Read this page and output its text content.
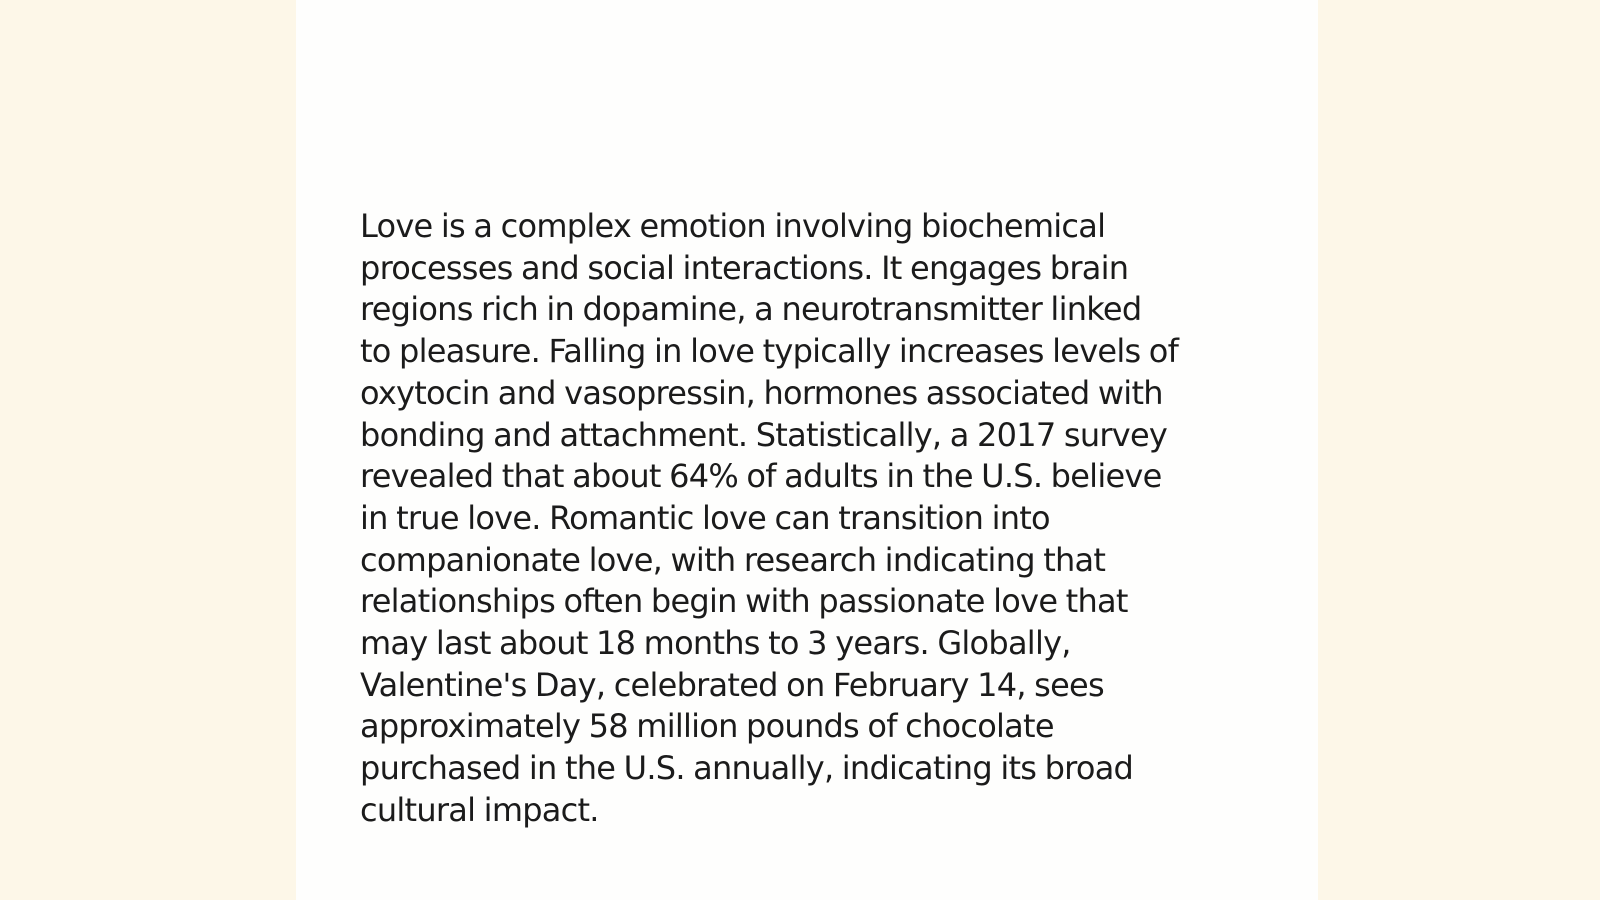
Love is a complex emotion involving biochemical
processes and social interactions. It engages brain
regions rich in dopamine, a neurotransmitter linked
to pleasure. Falling in love typically increases levels of
oxytocin and vasopressin, hormones associated with
bonding and attachment. Statistically, a 2017 survey
revealed that about 64% of adults in the U.S. believe
in true love. Romantic love can transition into
companionate love, with research indicating that
relationships often begin with passionate love that
may last about 18 months to 3 years. Globally,
Valentine's Day, celebrated on February 14, sees
approximately 58 million pounds of chocolate
purchased in the U.S. annually, indicating its broad
cultural impact.
